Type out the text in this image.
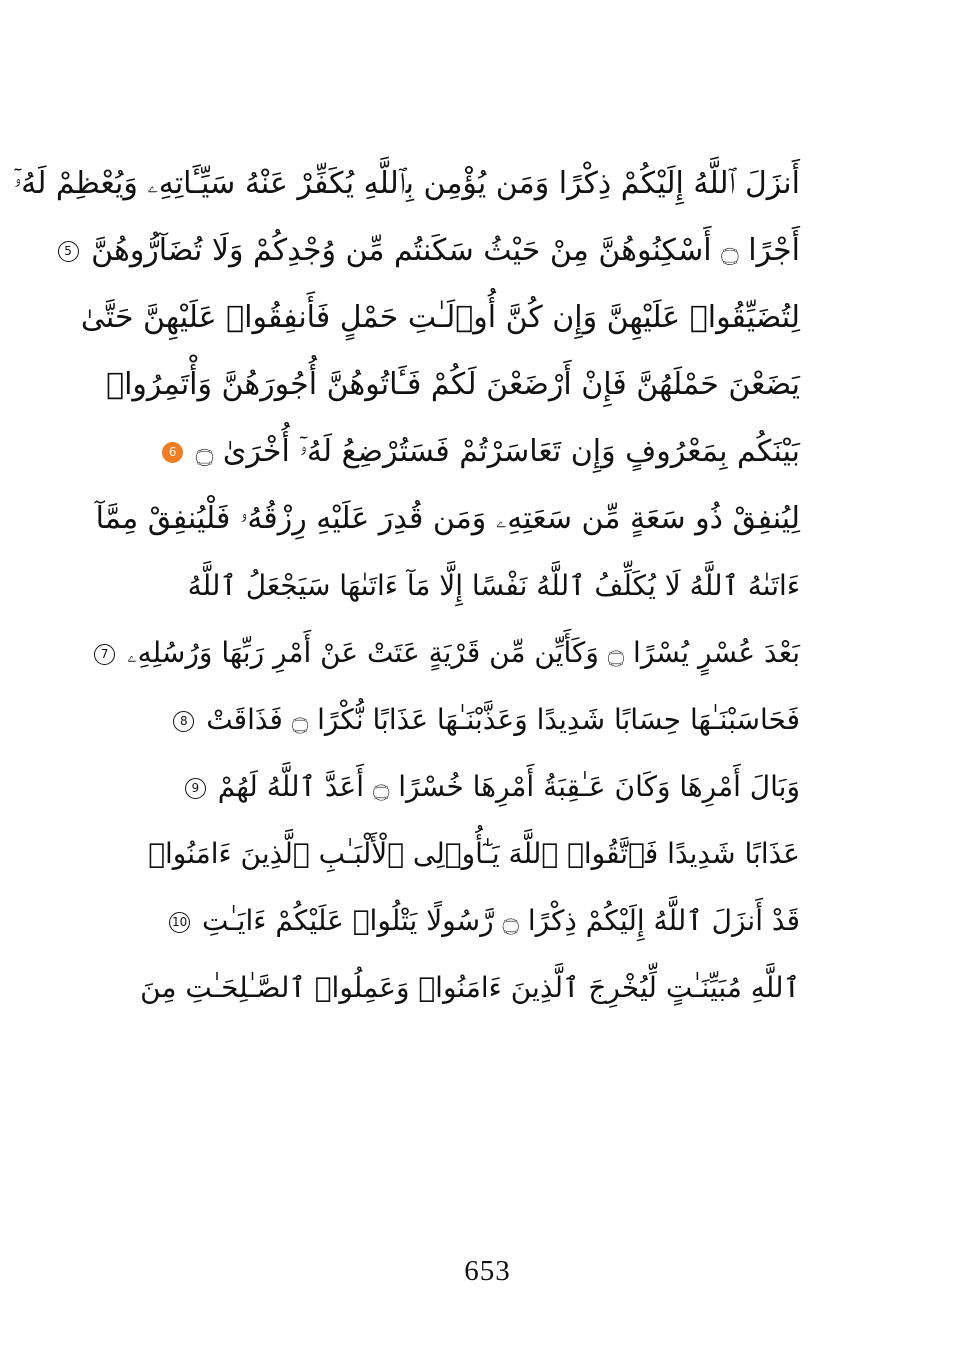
أَنزَلَ ٱللَّهُ إِلَيْكُمْ ذِكْرًا وَمَن يُؤْمِن بِٱللَّهِ يُكَفِّرْ عَنْهُ سَيِّـَٔاتِهِۦ وَيُعْظِمْ لَهُۥٓ
أَجْرًا ۝ أَسْكِنُوهُنَّ مِنْ حَيْثُ سَكَنتُم مِّن وُجْدِكُمْ وَلَا تُضَآرُّوهُنَّ 5
لِتُضَيِّقُوا۟ عَلَيْهِنَّ وَإِن كُنَّ أُو۟لَـٰتِ حَمْلٍ فَأَنفِقُوا۟ عَلَيْهِنَّ حَتَّىٰ
يَضَعْنَ حَمْلَهُنَّ فَإِنْ أَرْضَعْنَ لَكُمْ فَـَٔاتُوهُنَّ أُجُورَهُنَّ وَأْتَمِرُوا۟
بَيْنَكُم بِمَعْرُوفٍ وَإِن تَعَاسَرْتُمْ فَسَتُرْضِعُ لَهُۥٓ أُخْرَىٰ ۝ 6
لِيُنفِقْ ذُو سَعَةٍ مِّن سَعَتِهِۦ وَمَن قُدِرَ عَلَيْهِ رِزْقُهُۥ فَلْيُنفِقْ مِمَّآ
ءَاتَىٰهُ ٱللَّهُ لَا يُكَلِّفُ ٱللَّهُ نَفْسًا إِلَّا مَآ ءَاتَىٰهَا سَيَجْعَلُ ٱللَّهُ
بَعْدَ عُسْرٍ يُسْرًا ۝ وَكَأَيِّن مِّن قَرْيَةٍ عَتَتْ عَنْ أَمْرِ رَبِّهَا وَرُسُلِهِۦ 7
فَحَاسَبْنَـٰهَا حِسَابًا شَدِيدًا وَعَذَّبْنَـٰهَا عَذَابًا نُّكْرًا ۝ فَذَاقَتْ 8
وَبَالَ أَمْرِهَا وَكَانَ عَـٰقِبَةُ أَمْرِهَا خُسْرًا ۝ أَعَدَّ ٱللَّهُ لَهُمْ 9
عَذَابًا شَدِيدًا فَٱتَّقُوا۟ ٱللَّهَ يَـٰٓأُو۟لِى ٱلْأَلْبَـٰبِ ٱلَّذِينَ ءَامَنُوا۟
قَدْ أَنزَلَ ٱللَّهُ إِلَيْكُمْ ذِكْرًا ۝ رَّسُولًا يَتْلُوا۟ عَلَيْكُمْ ءَايَـٰتِ 10
ٱللَّهِ مُبَيِّنَـٰتٍ لِّيُخْرِجَ ٱلَّذِينَ ءَامَنُوا۟ وَعَمِلُوا۟ ٱلصَّـٰلِحَـٰتِ مِنَ
653
